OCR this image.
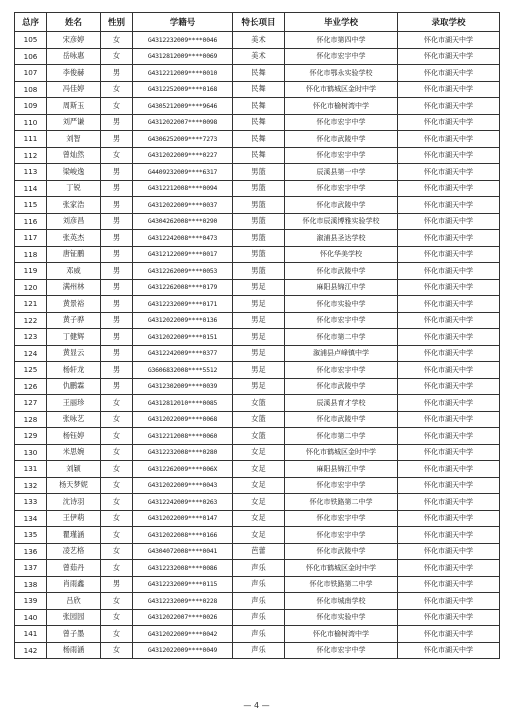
总序	姓名	性别	学籍号	特长项目	毕业学校	录取学校
105	宋彦婷	女	G4312232009****0046	美术	怀化市第四中学	怀化市湖天中学
106	岳咏惠	女	G4312812009****0069	美术	怀化市宏宇中学	怀化市湖天中学
107	李俊赫	男	G4312212009****0010	民舞	怀化市鄂永实验学校	怀化市湖天中学
108	冯佳婷	女	G4312252009****0168	民舞	怀化市鹤城区金时中学	怀化市湖天中学
109	周斯玉	女	G4305212009****9646	民舞	怀化市榆树湾中学	怀化市湖天中学
110	刘严谦	男	G4312022007****0098	民舞	怀化市宏宇中学	怀化市湖天中学
111	刘智	男	G4306252009****7273	民舞	怀化市武陵中学	怀化市湖天中学
112	曾灿然	女	G4312022009****0227	民舞	怀化市宏宇中学	怀化市湖天中学
113	梁峻逸	男	G4409232009****6317	男篮	辰溪县第一中学	怀化市湖天中学
114	丁锐	男	G4312212008****0094	男篮	怀化市宏宇中学	怀化市湖天中学
115	张家浩	男	G4312022009****0037	男篮	怀化市武陵中学	怀化市湖天中学
116	刘彦昌	男	G4304262008****0290	男篮	怀化市辰溪博雅实验学校	怀化市湖天中学
117	张英杰	男	G4312242008****0473	男篮	溆浦县圣达学校	怀化市湖天中学
118	唐钲鹏	男	G4312122009****0017	男篮	怀化华美学校	怀化市湖天中学
119	邓威	男	G4312262009****0053	男篮	怀化市武陵中学	怀化市湖天中学
120	满州林	男	G4312262008****0179	男足	麻阳县锦江中学	怀化市湖天中学
121	黄景裕	男	G4312232009****0171	男足	怀化市实验中学	怀化市湖天中学
122	黄子骅	男	G4312022009****0136	男足	怀化市宏宇中学	怀化市湖天中学
123	丁健辉	男	G4312022009****0151	男足	怀化市第二中学	怀化市湖天中学
124	黄显云	男	G4312242009****0377	男足	溆浦县卢峰镇中学	怀化市湖天中学
125	杨轩龙	男	G3606832008****5512	男足	怀化市宏宇中学	怀化市湖天中学
126	仇鹏霖	男	G4312302009****0039	男足	怀化市武陵中学	怀化市湖天中学
127	王丽珍	女	G4312812010****0085	女篮	辰溪县育才学校	怀化市湖天中学
128	张咏艺	女	G4312022009****0068	女篮	怀化市武陵中学	怀化市湖天中学
129	杨钰婷	女	G4312212008****0060	女篮	怀化市第二中学	怀化市湖天中学
130	米思婉	女	G4312232008****0280	女足	怀化市鹤城区金时中学	怀化市湖天中学
131	刘颖	女	G4312262009****006X	女足	麻阳县锦江中学	怀化市湖天中学
132	杨天梦妮	女	G4312022009****0043	女足	怀化市宏宇中学	怀化市湖天中学
133	沈诗羽	女	G4312242009****0263	女足	怀化市铁路第二中学	怀化市湖天中学
134	王伊萌	女	G4312022009****0147	女足	怀化市宏宇中学	怀化市湖天中学
135	瞿瑾涵	女	G4312022008****0166	女足	怀化市宏宇中学	怀化市湖天中学
136	凌艺格	女	G4304072008****0041	芭蕾	怀化市武陵中学	怀化市湖天中学
137	曾茹丹	女	G4312232008****0086	声乐	怀化市鹤城区金时中学	怀化市湖天中学
138	肖雨鑫	男	G4312232009****0115	声乐	怀化市铁路第二中学	怀化市湖天中学
139	吕欣	女	G4312232009****0228	声乐	怀化市城南学校	怀化市湖天中学
140	张园园	女	G4312022007****0026	声乐	怀化市实验中学	怀化市湖天中学
141	曾子墨	女	G4312022009****0042	声乐	怀化市榆树湾中学	怀化市湖天中学
142	杨雨涵	女	G4312022009****0049	声乐	怀化市宏宇中学	怀化市湖天中学
— 4 —
